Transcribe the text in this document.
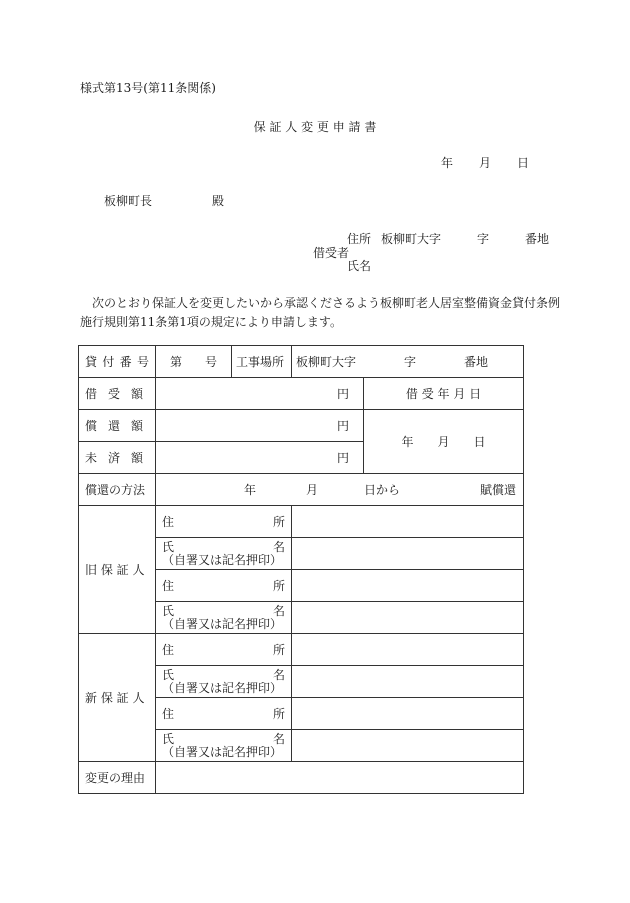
様式第13号(第11条関係)
保 証 人 変 更 申 請 書
年 月 日
板柳町長　　　　　殿
住所 板柳町大字　　　字　　　番地
借受者
氏名
次のとおり保証人を変更したいから承認くださるよう板柳町老人居室整備資金貸付条例施行規則第11条第1項の規定により申請します。
貸 付 番 号	第 号	工事場所	板柳町大字　　　　字　　　　番地	

借 受 額	円			借 受 年 月 日

償 還 額	円			年　　月　　日

未 済 額	円			
償還の方法	年 月 日から 賦償還			

旧 保 証 人	住 所			

	氏 名
（自署又は記名押印）			

	住 所			

	氏 名
（自署又は記名押印）			

新 保 証 人	住 所			

	氏 名
（自署又は記名押印）			

	住 所			

	氏 名
（自署又は記名押印）			

変更の理由				
